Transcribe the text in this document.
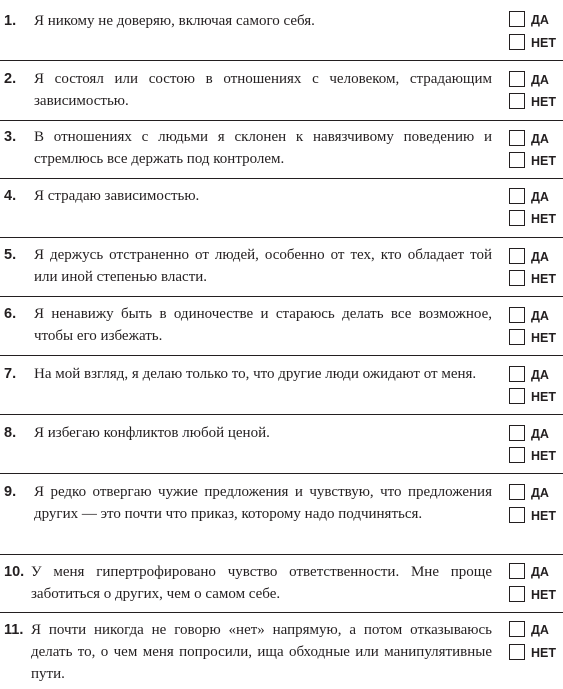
1. Я никому не доверяю, включая самого себя.	ДА
НЕТ
2. Я состоял или состою в отношениях с человеком, страдающим зависимостью.
ДА
НЕТ
3. В отношениях с людьми я склонен к навязчивому поведению и стремлюсь все держать под контролем.
ДА
НЕТ
4. Я страдаю зависимостью.	ДА
НЕТ
5. Я держусь отстраненно от людей, особенно от тех, кто обладает той или иной степенью власти.
ДА
НЕТ
6. Я ненавижу быть в одиночестве и стараюсь делать все возможное, чтобы его избежать.
ДА
НЕТ
7. На мой взгляд, я делаю только то, что другие люди ожидают от меня.	ДА
НЕТ
8. Я избегаю конфликтов любой ценой.	ДА
НЕТ
9. Я редко отвергаю чужие предложения и чувствую, что предложения других — это почти что приказ, которому надо подчиняться.
ДА
НЕТ
10. У меня гипертрофировано чувство ответственности. Мне проще заботиться о других, чем о самом себе.
ДА
НЕТ
11. Я почти никогда не говорю «нет» напрямую, а потом отказываюсь делать то, о чем меня попросили, ища обходные или манипулятивные пути.
ДА
НЕТ
